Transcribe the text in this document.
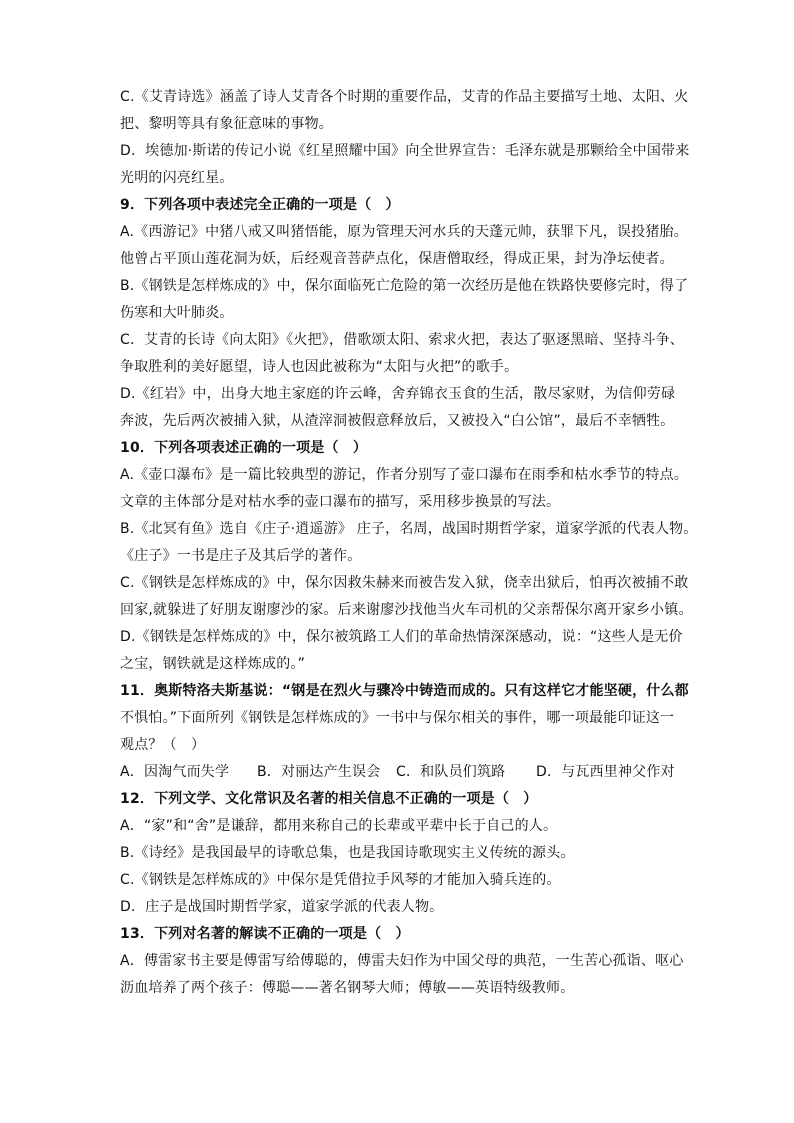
C.《艾青诗选》涵盖了诗人艾青各个时期的重要作品，艾青的作品主要描写土地、太阳、火
把、黎明等具有象征意味的事物。
D．埃德加·斯诺的传记小说《红星照耀中国》向全世界宣告：毛泽东就是那颗给全中国带来
光明的闪亮红星。
9．下列各项中表述完全正确的一项是（　）
A.《西游记》中猪八戒又叫猪悟能，原为管理天河水兵的天蓬元帅，获罪下凡，误投猪胎。
他曾占平顶山莲花洞为妖，后经观音菩萨点化，保唐僧取经，得成正果，封为净坛使者。
B.《钢铁是怎样炼成的》中，保尔面临死亡危险的第一次经历是他在铁路快要修完时，得了
伤寒和大叶肺炎。
C．艾青的长诗《向太阳》《火把》，借歌颂太阳、索求火把，表达了驱逐黑暗、坚持斗争、
争取胜利的美好愿望，诗人也因此被称为“太阳与火把”的歌手。
D.《红岩》中，出身大地主家庭的许云峰，舍弃锦衣玉食的生活，散尽家财，为信仰劳碌
奔波，先后两次被捕入狱，从渣滓洞被假意释放后，又被投入“白公馆”，最后不幸牺牲。
10．下列各项表述正确的一项是（　）
A.《壶口瀑布》是一篇比较典型的游记，作者分别写了壶口瀑布在雨季和枯水季节的特点。
文章的主体部分是对枯水季的壶口瀑布的描写，采用移步换景的写法。
B.《北冥有鱼》选自《庄子·逍遥游》 庄子，名周，战国时期哲学家，道家学派的代表人物。
《庄子》一书是庄子及其后学的著作。
C.《钢铁是怎样炼成的》中，保尔因救朱赫来而被告发入狱，侥幸出狱后，怕再次被捕不敢
回家,就躲进了好朋友谢廖沙的家。后来谢廖沙找他当火车司机的父亲帮保尔离开家乡小镇。
D.《钢铁是怎样炼成的》中，保尔被筑路工人们的革命热情深深感动，说：“这些人是无价
之宝，钢铁就是这样炼成的。”
11．奥斯特洛夫斯基说：“钢是在烈火与骤冷中铸造而成的。只有这样它才能坚硬，什么都
不惧怕。”下面所列《钢铁是怎样炼成的》一书中与保尔相关的事件，哪一项最能印证这一
观点？（　）
A．因淘气而失学	B．对丽达产生误会	C．和队员们筑路	D．与瓦西里神父作对
12．下列文学、文化常识及名著的相关信息不正确的一项是（　）
A．“家”和“舍”是谦辞，都用来称自己的长辈或平辈中长于自己的人。
B.《诗经》是我国最早的诗歌总集，也是我国诗歌现实主义传统的源头。
C.《钢铁是怎样炼成的》中保尔是凭借拉手风琴的才能加入骑兵连的。
D．庄子是战国时期哲学家，道家学派的代表人物。
13．下列对名著的解读不正确的一项是（　）
A．傅雷家书主要是傅雷写给傅聪的，傅雷夫妇作为中国父母的典范，一生苦心孤诣、呕心
沥血培养了两个孩子：傅聪——著名钢琴大师；傅敏——英语特级教师。
